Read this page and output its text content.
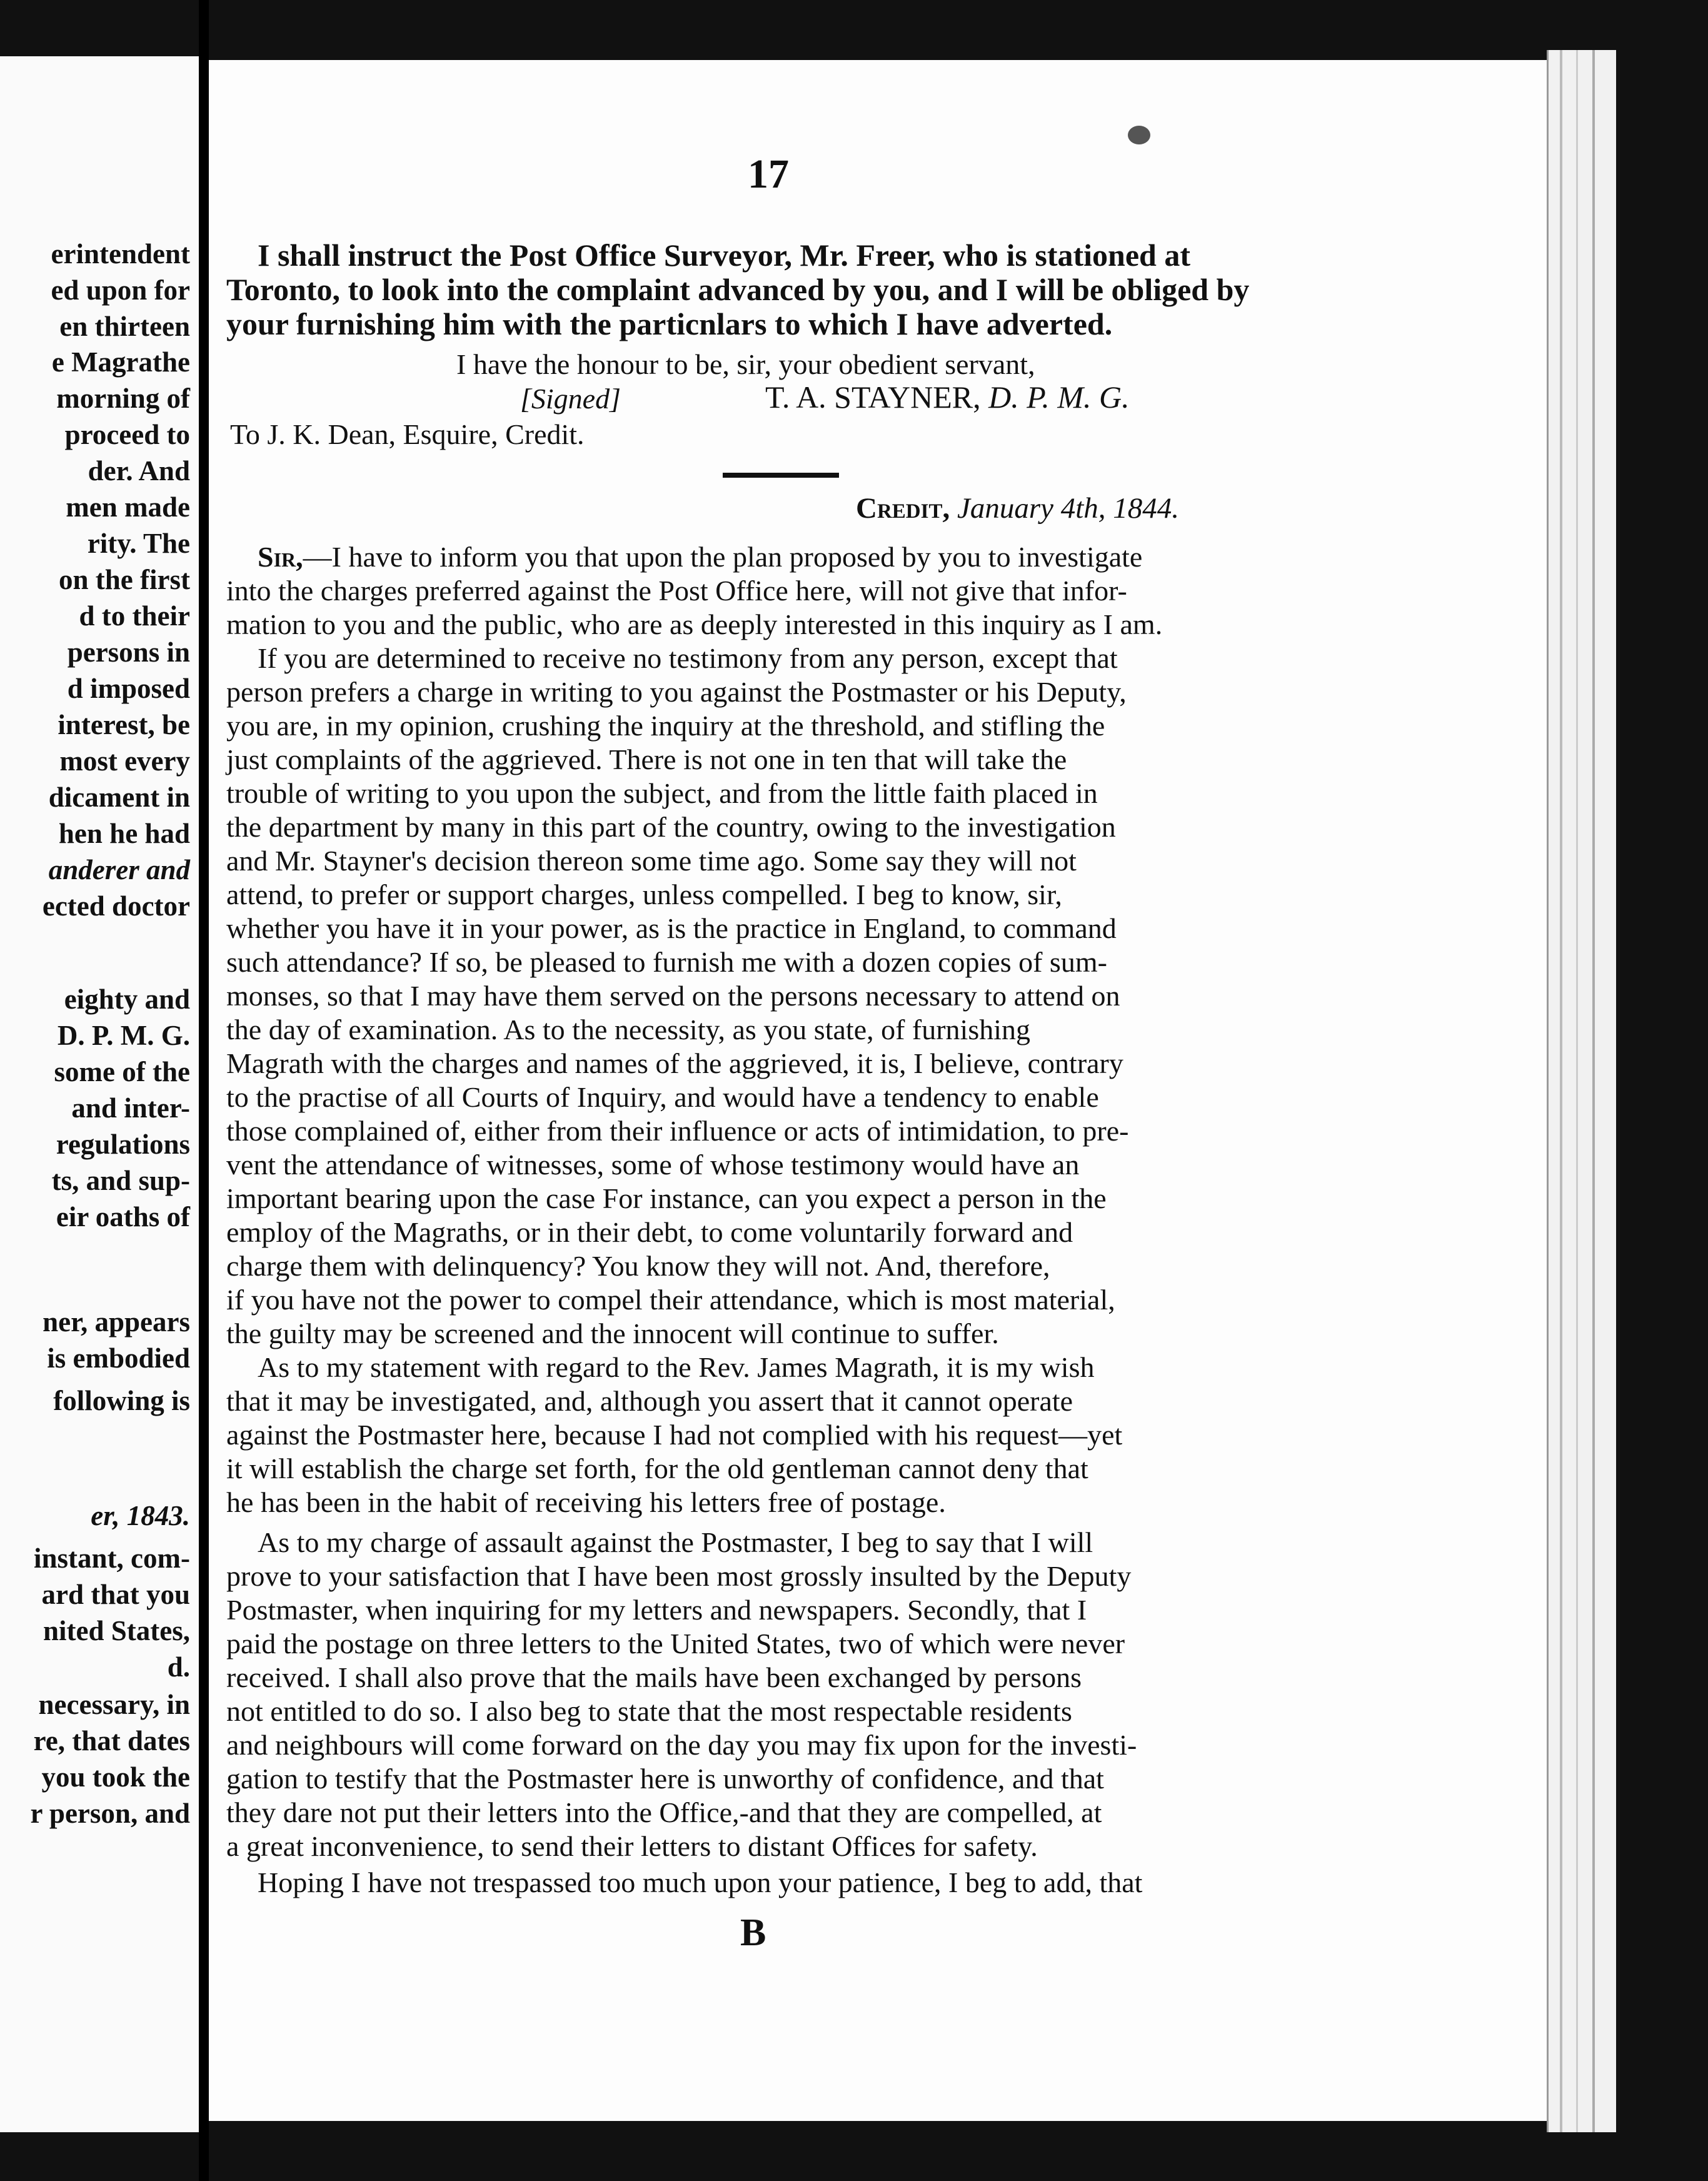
erintendent
ed upon for
en thirteen
e Magrathe
morning of
proceed to
der. And
men made
rity. The
on the first
d to their
persons in
d imposed
interest, be
most every
dicament in
hen he had
anderer and
ected doctor
eighty and
D. P. M. G.
some of the
and inter-
regulations
ts, and sup-
eir oaths of
ner, appears
is embodied
following is
er, 1843.
instant, com-
ard that you
nited States,
d.
necessary, in
re, that dates
you took the
r person, and
17
I shall instruct the Post Office Surveyor, Mr. Freer, who is stationed at
Toronto, to look into the complaint advanced by you, and I will be obliged by
your furnishing him with the particnlars to which I have adverted.
I have the honour to be, sir, your obedient servant,
[Signed]	T. A. STAYNER, D. P. M. G.
To J. K. Dean, Esquire, Credit.
Credit, January 4th, 1844.
Sir,—I have to inform you that upon the plan proposed by you to investigate
into the charges preferred against the Post Office here, will not give that infor-
mation to you and the public, who are as deeply interested in this inquiry as I am.
If you are determined to receive no testimony from any person, except that
person prefers a charge in writing to you against the Postmaster or his Deputy,
you are, in my opinion, crushing the inquiry at the threshold, and stifling the
just complaints of the aggrieved. There is not one in ten that will take the
trouble of writing to you upon the subject, and from the little faith placed in
the department by many in this part of the country, owing to the investigation
and Mr. Stayner's decision thereon some time ago. Some say they will not
attend, to prefer or support charges, unless compelled. I beg to know, sir,
whether you have it in your power, as is the practice in England, to command
such attendance? If so, be pleased to furnish me with a dozen copies of sum-
monses, so that I may have them served on the persons necessary to attend on
the day of examination. As to the necessity, as you state, of furnishing
Magrath with the charges and names of the aggrieved, it is, I believe, contrary
to the practise of all Courts of Inquiry, and would have a tendency to enable
those complained of, either from their influence or acts of intimidation, to pre-
vent the attendance of witnesses, some of whose testimony would have an
important bearing upon the case For instance, can you expect a person in the
employ of the Magraths, or in their debt, to come voluntarily forward and
charge them with delinquency? You know they will not. And, therefore,
if you have not the power to compel their attendance, which is most material,
the guilty may be screened and the innocent will continue to suffer.
As to my statement with regard to the Rev. James Magrath, it is my wish
that it may be investigated, and, although you assert that it cannot operate
against the Postmaster here, because I had not complied with his request—yet
it will establish the charge set forth, for the old gentleman cannot deny that
he has been in the habit of receiving his letters free of postage.
As to my charge of assault against the Postmaster, I beg to say that I will
prove to your satisfaction that I have been most grossly insulted by the Deputy
Postmaster, when inquiring for my letters and newspapers. Secondly, that I
paid the postage on three letters to the United States, two of which were never
received. I shall also prove that the mails have been exchanged by persons
not entitled to do so. I also beg to state that the most respectable residents
and neighbours will come forward on the day you may fix upon for the investi-
gation to testify that the Postmaster here is unworthy of confidence, and that
they dare not put their letters into the Office,-and that they are compelled, at
a great inconvenience, to send their letters to distant Offices for safety.
Hoping I have not trespassed too much upon your patience, I beg to add, that
B
